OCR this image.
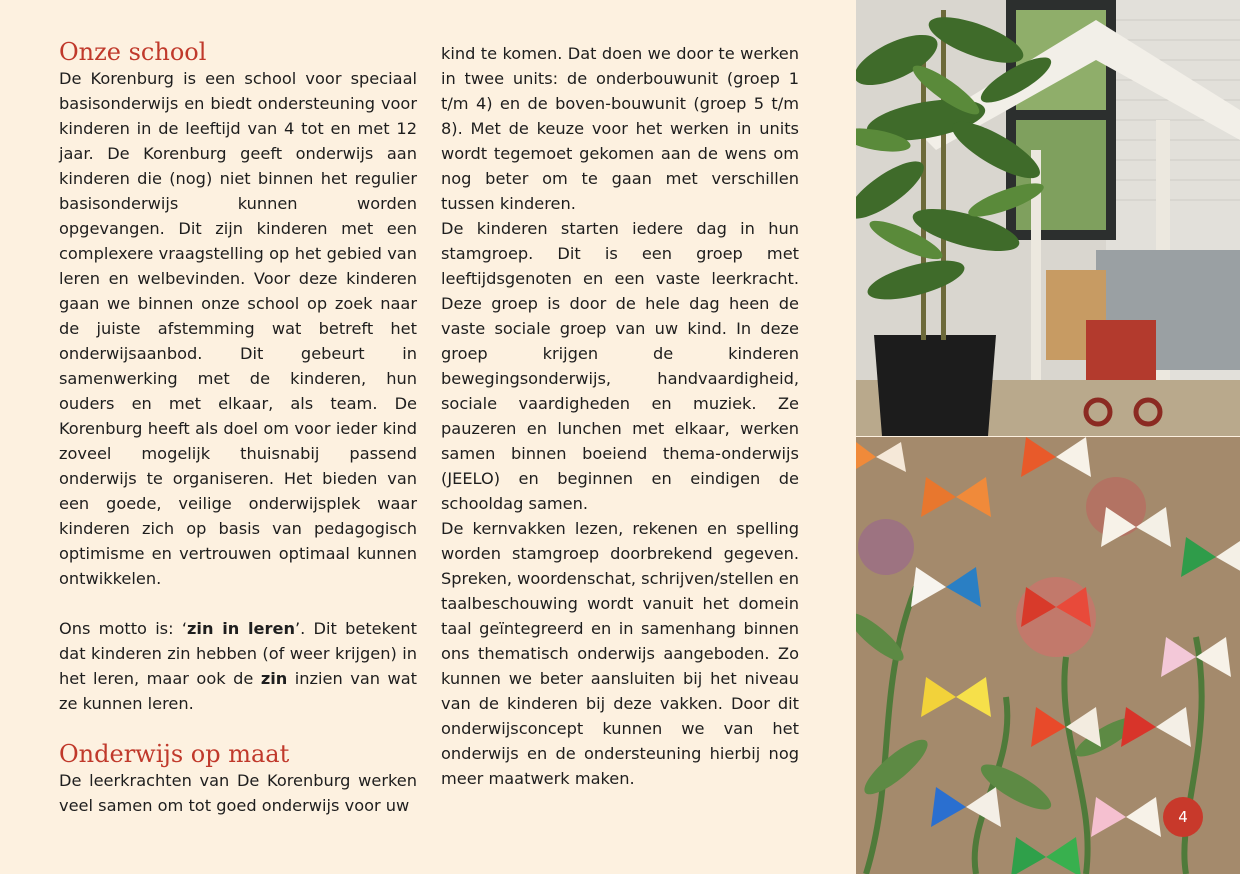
Onze school

De Korenburg is een school voor speciaal basisonderwijs en biedt ondersteuning voor kinderen in de leeftijd van 4 tot en met 12 jaar. De Korenburg geeft onderwijs aan kinderen die (nog) niet binnen het regulier basisonderwijs kunnen worden opgevangen. Dit zijn kinderen met een complexere vraagstelling op het gebied van leren en welbevinden. Voor deze kinderen gaan we binnen onze school op zoek naar de juiste afstemming wat betreft het onderwijsaanbod. Dit gebeurt in samenwerking met de kinderen, hun ouders en met elkaar, als team. De Korenburg heeft als doel om voor ieder kind zoveel mogelijk thuisnabij passend onderwijs te organiseren. Het bieden van een goede, veilige onderwijsplek waar kinderen zich op basis van pedagogisch optimisme en vertrouwen optimaal kunnen ontwikkelen.

Ons motto is: ‘zin in leren’. Dit betekent dat kinderen zin hebben (of weer krijgen) in het leren, maar ook de zin inzien van wat ze kunnen leren.

Onderwijs op maat

De leerkrachten van De Korenburg werken veel samen om tot goed onderwijs voor uw

kind te komen. Dat doen we door te werken in twee units: de onderbouwunit (groep 1 t/m 4) en de boven-bouwunit (groep 5 t/m 8). Met de keuze voor het werken in units wordt tegemoet gekomen aan de wens om nog beter om te gaan met verschillen tussen kinderen.

De kinderen starten iedere dag in hun stamgroep. Dit is een groep met leeftijdsgenoten en een vaste leerkracht. Deze groep is door de hele dag heen de vaste sociale groep van uw kind. In deze groep krijgen de kinderen bewegingsonderwijs, handvaardigheid, sociale vaardigheden en muziek. Ze pauzeren en lunchen met elkaar, werken samen binnen boeiend thema-onderwijs (JEELO) en beginnen en eindigen de schooldag samen.

De kernvakken lezen, rekenen en spelling worden stamgroep doorbrekend gegeven. Spreken, woordenschat, schrijven/stellen en taalbeschouwing wordt vanuit het domein taal geïntegreerd en in samenhang binnen ons thematisch onderwijs aangeboden. Zo kunnen we beter aansluiten bij het niveau van de kinderen bij deze vakken. Door dit onderwijsconcept kunnen we van het onderwijs en de ondersteuning hierbij nog meer maatwerk maken.

4
